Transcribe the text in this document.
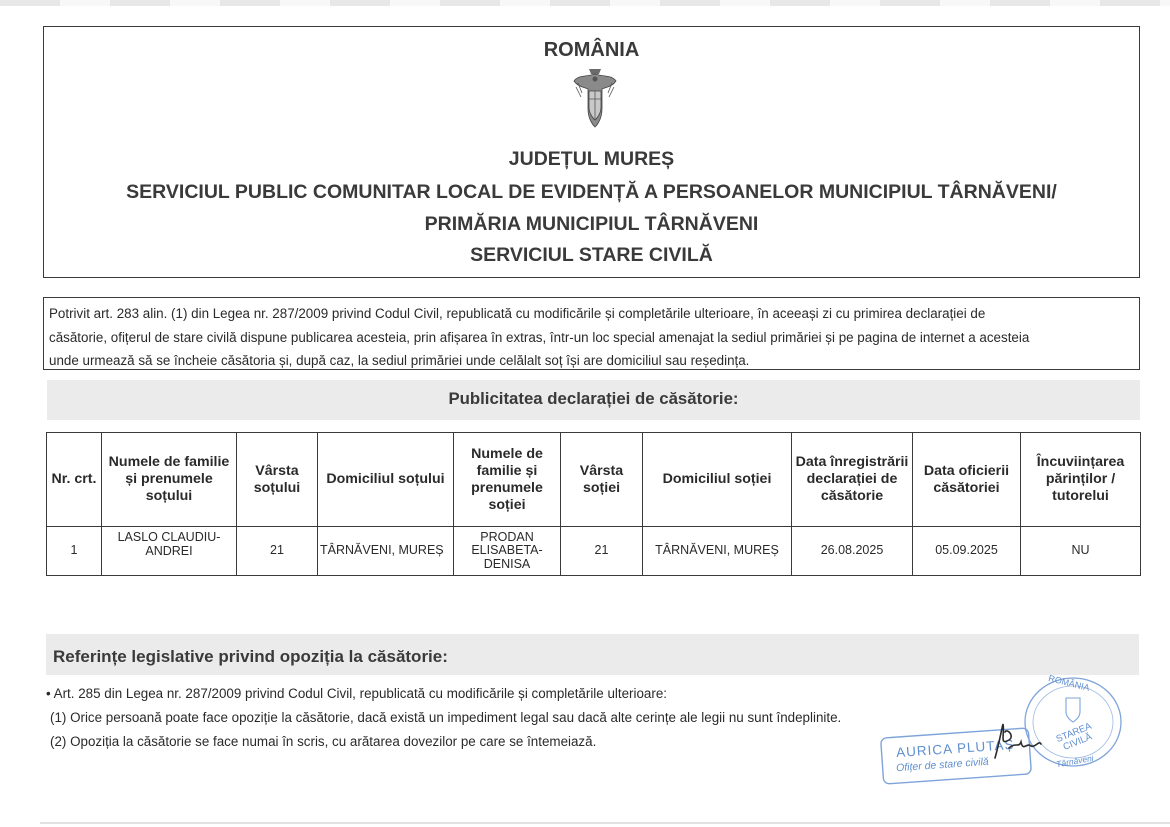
ROMÂNIA
JUDEȚUL MUREȘ
SERVICIUL PUBLIC COMUNITAR LOCAL DE EVIDENȚĂ A PERSOANELOR MUNICIPIUL TÂRNĂVENI/
PRIMĂRIA MUNICIPIUL TÂRNĂVENI
SERVICIUL STARE CIVILĂ
Potrivit art. 283 alin. (1) din Legea nr. 287/2009 privind Codul Civil, republicată cu modificările și completările ulterioare, în aceeași zi cu primirea declarației de
căsătorie, ofițerul de stare civilă dispune publicarea acesteia, prin afișarea în extras, într-un loc special amenajat la sediul primăriei și pe pagina de internet a acesteia
unde urmează să se încheie căsătoria și, după caz, la sediul primăriei unde celălalt soț își are domiciliul sau reședința.
Publicitatea declarației de căsătorie:
Nr. crt.	Numele de familie și prenumele soțului	Vârsta soțului	Domiciliul soțului	Numele de familie și prenumele soției	Vârsta soției	Domiciliul soției	Data înregistrării declarației de căsătorie	Data oficierii căsătoriei	Încuviințarea părinților / tutorelui
1	LASLO CLAUDIU-ANDREI	21	TÂRNĂVENI, MUREȘ	PRODAN ELISABETA-DENISA	21	TÂRNĂVENI, MUREȘ	26.08.2025	05.09.2025	NU
Referințe legislative privind opoziția la căsătorie:
• Art. 285 din Legea nr. 287/2009 privind Codul Civil, republicată cu modificările și completările ulterioare:
(1) Orice persoană poate face opoziție la căsătorie, dacă există un impediment legal sau dacă alte cerințe ale legii nu sunt îndeplinite.
(2) Opoziția la căsătorie se face numai în scris, cu arătarea dovezilor pe care se întemeiază.	AURICA PLUTAȘ
Ofițer de stare civilă
ROMÂNIA
STAREA CIVILĂ
Târnăveni
